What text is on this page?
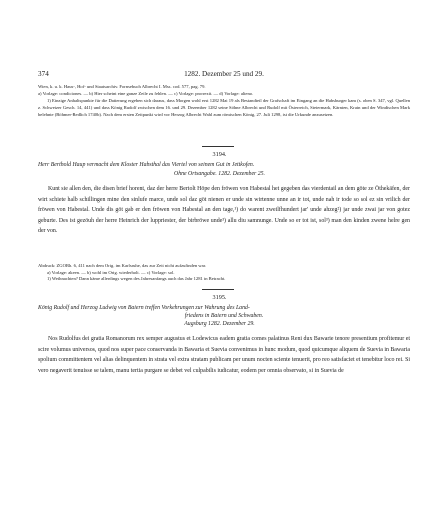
374	1282. Dezember 25 und 29.

Wien, k. u. k. Haus-, Hof- und Staatsarchiv. Fornsebuch Albrecht I. Mss. cod. 577, pag. 79.

a) Vorlage: condiciones. — b) Hier scheint eine ganze Zeile zu fehlen. — c) Vorlage: prorrexit. — d) Vorlage: alieno.

1) Einzige Anhaltspunkte für die Datierung ergeben sich daraus, dass Morgen wohl erst 1282 Mai 19 als Bestandteil der Grafschaft im Eingang an die Habsburger kam (s. oben S. 347, vgl. Quellen z. Schweizer Gesch. 14, 441) und dass König Rudolf zwischen dem 16. und 29. Dezember 1282 seine Söhne Albrecht und Rudolf mit Österreich, Steiermark, Kärnten, Krain und der Windischen Mark belehnte (Böhmer-Redlich 1740b). Nach dem ersten Zeitpunkt wird vor Herzog Albrecht Wahl zum römischen König, 27. Juli 1298, ist die Urkunde anzusetzen.

3194.

Herr Berthold Haup vermacht dem Kloster Habsthal das Viertel von seinem Gut in Jettkofen.

Ohne Ortsangabe. 1282. Dezember 25.

Kunt sie allen den, die disen brief horent, daz der herre Bertolt Höpe den fröwen von Habestal het gegeben das vierdentail an dem göte ze Öthekäfen, der wirt schiete halb schillingen mine den sinlufe marce, unde sol daz göt nienen er unde sin wirtenne unne an ir tot, unde nah ir tode so sol ez sin vrilich der fröwen von Habestal. Unde dis göt gab er den fröwen von Habestal an den tage,¹) do warent zweilfhundert jar' unde ahzeg²) jar unde zwai jar von gotez geburte. Des ist gezöuh der herre Heinrich der luppriester, der birbröwe unde³) allu diu samnunge. Unde so er tot ist, sol³) man den kinden zwene helre gen der von.

Abdruck: ZGORh. 6, 411 nach dem Orig. im Karlsruhe, das zur Zeit nicht aufzufinden war.

a) Vorlage: akeen. — b) wohl im Orig. wiederholt. — c) Vorlage: sol.

1) Weihnachten? Dann käme allerdings wegen des Jahresanfangs auch das Jahr 1281 in Betracht.

3195.

König Rudolf und Herzog Ludwig von Baiern treffen Vorkehrungen zur Wahrung des Land-

friedens in Baiern und Schwaben.

Augsburg 1282. Dezember 29.

Nos Rudolfus dei gratia Romanorum rex semper augustus et Lodewicus eadem gratia comes palatinus Reni dux Bawarie tenore presentium profitemur et scire volumus universos, quod nos super pace conservanda in Bawaria et Suevia convenimus in hunc modum, quod quicumque aliquem de Suevia in Bawaria spolium committentem vel alias delinquentem in strata vel extra stratam publicam per unum nocten sciente tenuerit, pro reo satisfaciet et tenebitur loco rei. Si vero negaverit tenuisse se talem, manu tertia purgare se debet vel culpabilis iudicatur, eodem per omnia observato, si in Suevia de
